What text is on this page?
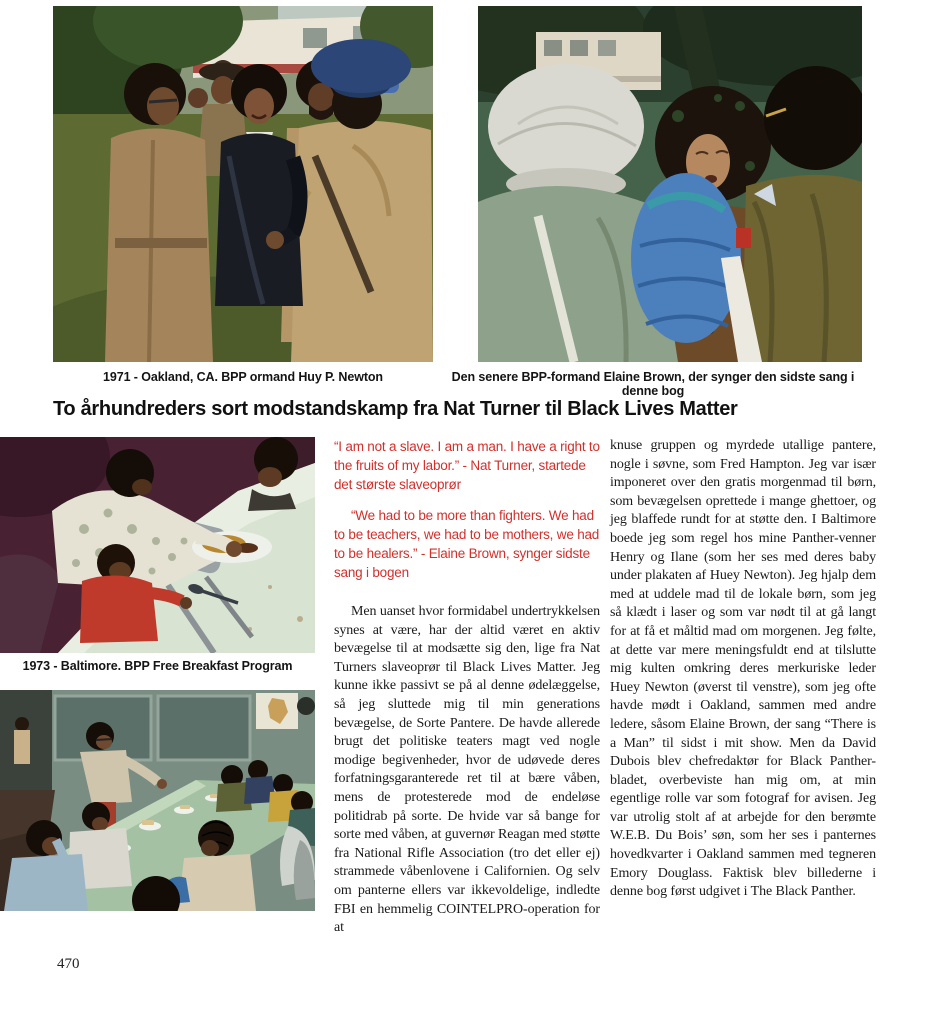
1971 - Oakland, CA. BPP ormand Huy P. Newton	Den senere BPP-formand Elaine Brown, der synger den sidste sang i denne bog
To århundreders sort modstandskamp fra Nat Turner til Black Lives Matter
1973 - Baltimore. BPP Free Breakfast Program

“I am not a slave. I am a man. I have a right to the fruits of my labor.” - Nat Turner, startede det største slaveoprør

“We had to be more than fighters. We had to be teachers, we had to be mothers, we had to be healers.” - Elaine Brown, synger sidste sang i bogen

Men uanset hvor formidabel undertrykkelsen synes at være, har der altid været en aktiv bevægelse til at modsætte sig den, lige fra Nat Turners slaveoprør til Black Lives Matter. Jeg kunne ikke passivt se på al denne ødelæggelse, så jeg sluttede mig til min generations bevægelse, de Sorte Pantere. De havde allerede brugt det politiske teaters magt ved nogle modige begivenheder, hvor de udøvede deres forfatningsgaranterede ret til at bære våben, mens de protesterede mod de endeløse politidrab på sorte. De hvide var så bange for sorte med våben, at guvernør Reagan med støtte fra National Rifle Association (tro det eller ej) strammede våbenlovene i Californien. Og selv om panterne ellers var ikkevoldelige, indledte FBI en hemmelig COINTELPRO-operation for at

knuse gruppen og myrdede utallige pantere, nogle i søvne, som Fred Hampton. Jeg var især imponeret over den gratis morgenmad til børn, som bevægelsen oprettede i mange ghettoer, og jeg blaffede rundt for at støtte den. I Baltimore boede jeg som regel hos mine Panther-venner Henry og Ilane (som her ses med deres baby under plakaten af Huey Newton). Jeg hjalp dem med at uddele mad til de lokale børn, som jeg så klædt i laser og som var nødt til at gå langt for at få et måltid mad om morgenen. Jeg følte, at dette var mere meningsfuldt end at tilslutte mig kulten omkring deres merkuriske leder Huey Newton (øverst til venstre), som jeg ofte havde mødt i Oakland, sammen med andre ledere, såsom Elaine Brown, der sang “There is a Man” til sidst i mit show. Men da David Dubois blev chefredaktør for Black Panther-bladet, overbeviste han mig om, at min egentlige rolle var som fotograf for avisen. Jeg var utrolig stolt af at arbejde for den berømte W.E.B. Du Bois’ søn, som her ses i panternes hovedkvarter i Oakland sammen med tegneren Emory Douglass. Faktisk blev billederne i denne bog først udgivet i The Black Panther.

470
